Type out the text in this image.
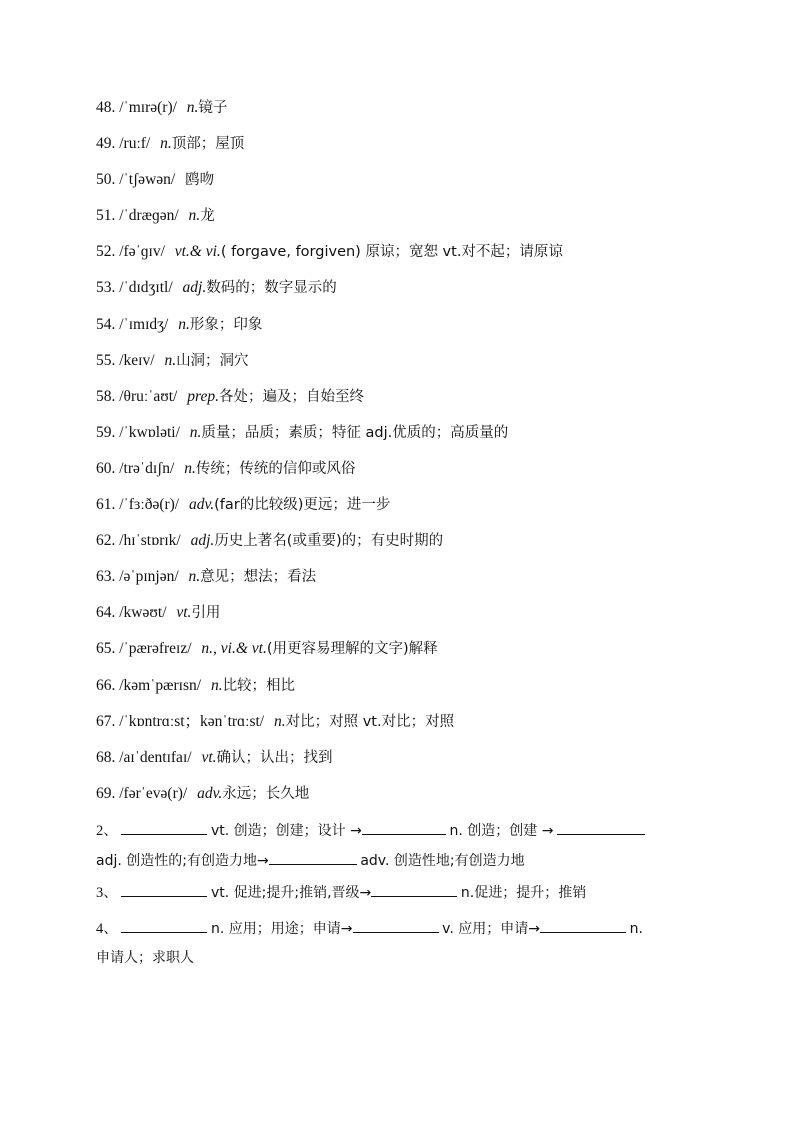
48. /ˈmɪrə(r)/ n.镜子
49. /ruːf/ n.顶部；屋顶
50. /ˈtʃəwən/ 鸥吻
51. /ˈdræɡən/ n.龙
52. /fəˈɡɪv/ vt.& vi.( forgave, forgiven) 原谅；宽恕 vt.对不起；请原谅
53. /ˈdɪdʒɪtl/ adj.数码的；数字显示的
54. /ˈɪmɪdʒ/ n.形象；印象
55. /keɪv/ n.山洞；洞穴
58. /θruːˈaʊt/ prep.各处；遍及；自始至终
59. /ˈkwɒləti/ n.质量；品质；素质；特征 adj.优质的；高质量的
60. /trəˈdɪʃn/ n.传统；传统的信仰或风俗
61. /ˈfɜːðə(r)/ adv.(far的比较级)更远；进一步
62. /hɪˈstɒrɪk/ adj.历史上著名(或重要)的；有史时期的
63. /əˈpɪnjən/ n.意见；想法；看法
64. /kwəʊt/ vt.引用
65. /ˈpærəfreɪz/ n., vi.& vt.(用更容易理解的文字)解释
66. /kəmˈpærɪsn/ n.比较；相比
67. /ˈkɒntrɑːst；kənˈtrɑːst/ n.对比；对照 vt.对比；对照
68. /aɪˈdentɪfaɪ/ vt.确认；认出；找到
69. /fərˈevə(r)/ adv.永远；长久地
2、	vt. 创造；创建；设计 →	n. 创造；创建 →
adj. 创造性的;有创造力地→	adv. 创造性地;有创造力地
3、	vt. 促进;提升;推销,晋级→	n.促进；提升；推销
4、	n. 应用；用途；申请→	v. 应用；申请→	n.
申请人；求职人
